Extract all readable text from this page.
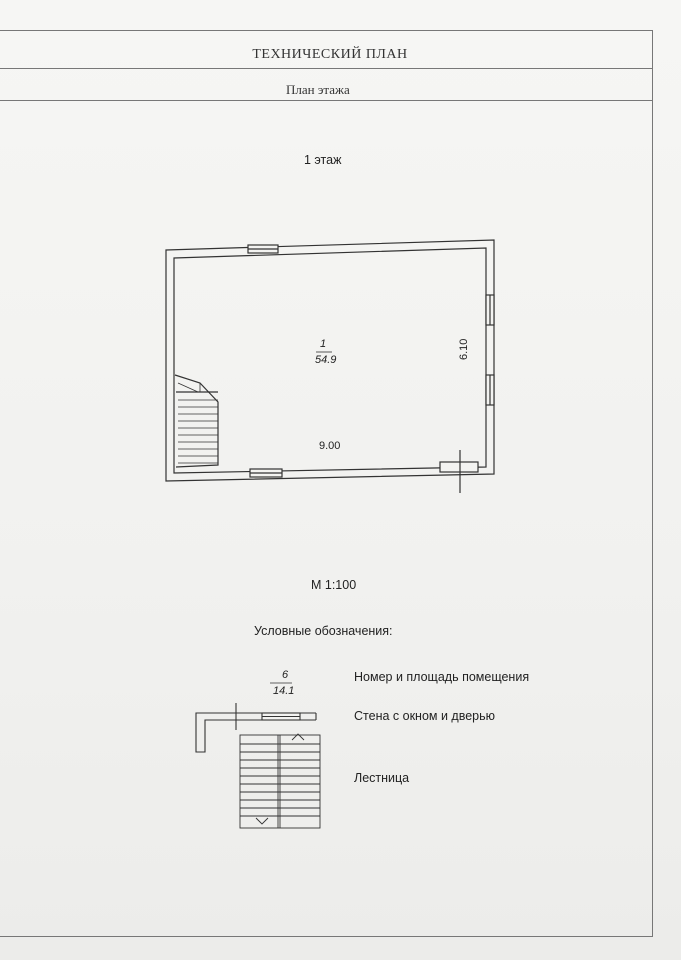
ТЕХНИЧЕСКИЙ ПЛАН
План этажа
1 этаж
1
54.9
9.00
6.10
М 1:100
Условные обозначения:
6
14.1
Номер и площадь помещения
Стена с окном и дверью
Лестница
